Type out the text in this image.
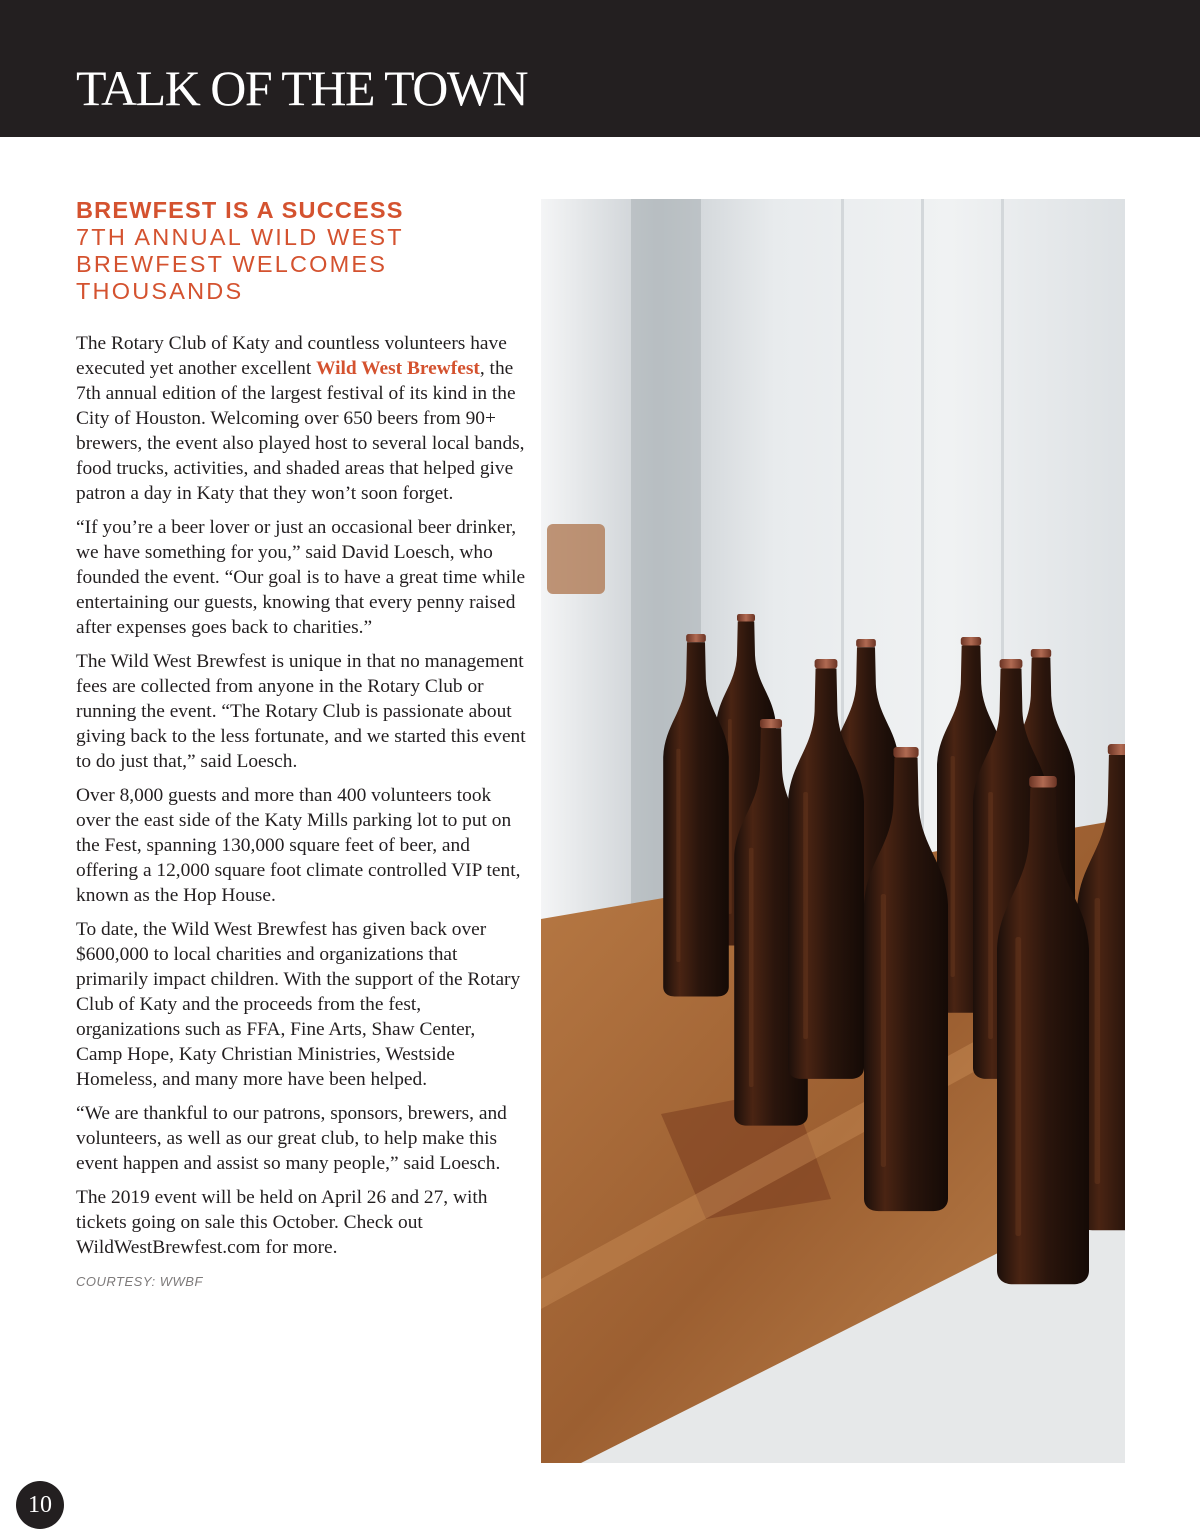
TALK OF THE TOWN
BREWFEST IS A SUCCESS
7TH ANNUAL WILD WEST
BREWFEST WELCOMES
THOUSANDS

The Rotary Club of Katy and countless volunteers have executed yet another excellent Wild West Brewfest, the 7th annual edition of the largest festival of its kind in the City of Houston. Welcoming over 650 beers from 90+ brewers, the event also played host to several local bands, food trucks, activities, and shaded areas that helped give patron a day in Katy that they won’t soon forget.

“If you’re a beer lover or just an occasional beer drinker, we have something for you,” said David Loesch, who founded the event. “Our goal is to have a great time while entertaining our guests, knowing that every penny raised after expenses goes back to charities.”

The Wild West Brewfest is unique in that no management fees are collected from anyone in the Rotary Club or running the event. “The Rotary Club is passionate about giving back to the less fortunate, and we started this event to do just that,” said Loesch.

Over 8,000 guests and more than 400 volunteers took over the east side of the Katy Mills parking lot to put on the Fest, spanning 130,000 square feet of beer, and offering a 12,000 square foot climate controlled VIP tent, known as the Hop House.

To date, the Wild West Brewfest has given back over $600,000 to local charities and organizations that primarily impact children. With the support of the Rotary Club of Katy and the proceeds from the fest, organizations such as FFA, Fine Arts, Shaw Center, Camp Hope, Katy Christian Ministries, Westside Homeless, and many more have been helped.

“We are thankful to our patrons, sponsors, brewers, and volunteers, as well as our great club, to help make this event happen and assist so many people,” said Loesch.

The 2019 event will be held on April 26 and 27, with tickets going on sale this October. Check out WildWestBrewfest.com for more.

COURTESY: WWBF
10
